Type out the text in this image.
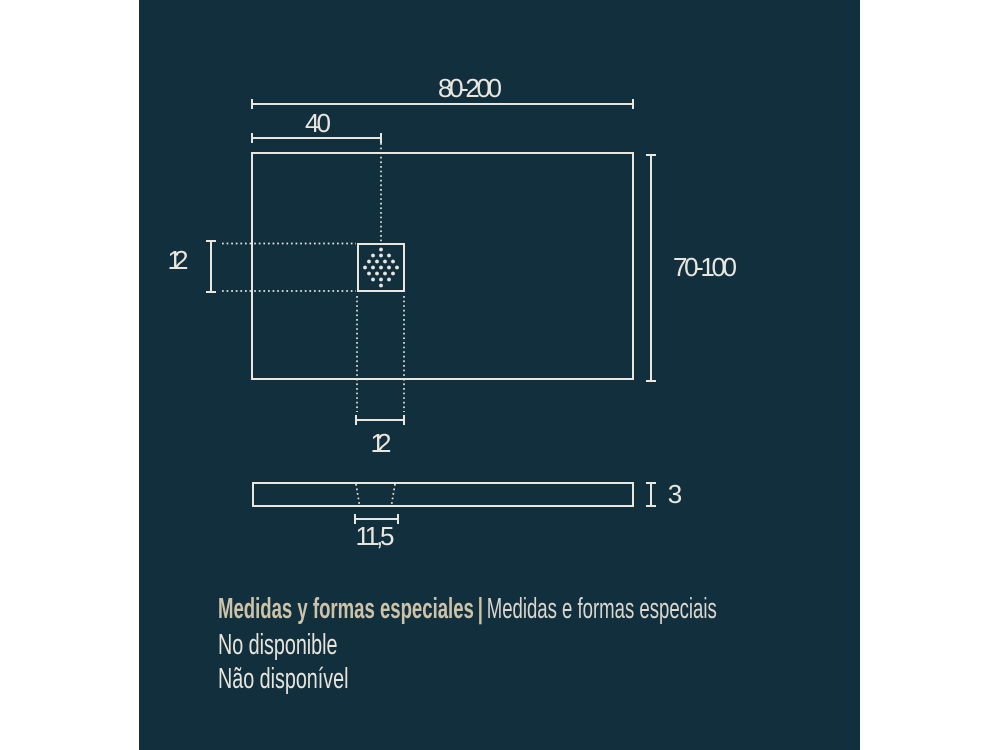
80-200
40
70-100
12
12
3
11,5
Medidas y formas especiales | Medidas e formas especiais
No disponible
Não disponível
